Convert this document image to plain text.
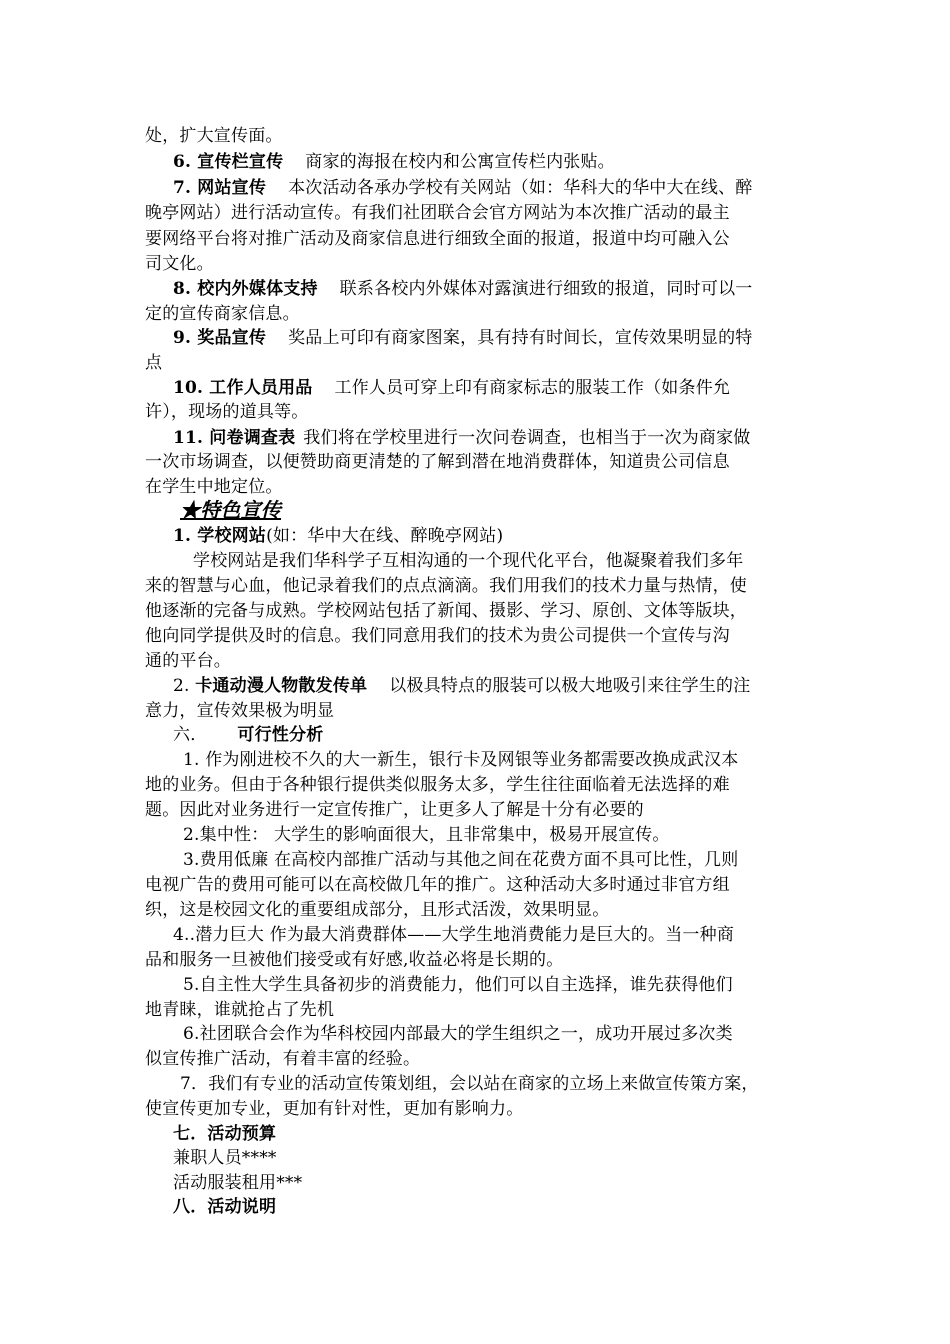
处，扩大宣传面。
6. 宣传栏宣传 商家的海报在校内和公寓宣传栏内张贴。
7. 网站宣传 本次活动各承办学校有关网站（如：华科大的华中大在线、醉
晚亭网站）进行活动宣传。有我们社团联合会官方网站为本次推广活动的最主
要网络平台将对推广活动及商家信息进行细致全面的报道，报道中均可融入公
司文化。
8. 校内外媒体支持 联系各校内外媒体对露演进行细致的报道，同时可以一
定的宣传商家信息。
9. 奖品宣传 奖品上可印有商家图案，具有持有时间长，宣传效果明显的特
点
10. 工作人员用品 工作人员可穿上印有商家标志的服装工作（如条件允
许），现场的道具等。
11. 问卷调查表 我们将在学校里进行一次问卷调查，也相当于一次为商家做
一次市场调查，以便赞助商更清楚的了解到潜在地消费群体，知道贵公司信息
在学生中地定位。
★特色宣传
1. 学校网站(如：华中大在线、醉晚亭网站)
学校网站是我们华科学子互相沟通的一个现代化平台，他凝聚着我们多年
来的智慧与心血，他记录着我们的点点滴滴。我们用我们的技术力量与热情，使
他逐渐的完备与成熟。学校网站包括了新闻、摄影、学习、原创、文体等版块，
他向同学提供及时的信息。我们同意用我们的技术为贵公司提供一个宣传与沟
通的平台。
2. 卡通动漫人物散发传单 以极具特点的服装可以极大地吸引来往学生的注
意力，宣传效果极为明显
六． 可行性分析
1. 作为刚进校不久的大一新生，银行卡及网银等业务都需要改换成武汉本
地的业务。但由于各种银行提供类似服务太多，学生往往面临着无法选择的难
题。因此对业务进行一定宣传推广，让更多人了解是十分有必要的
2.集中性： 大学生的影响面很大，且非常集中，极易开展宣传。
3.费用低廉 在高校内部推广活动与其他之间在花费方面不具可比性，几则
电视广告的费用可能可以在高校做几年的推广。这种活动大多时通过非官方组
织，这是校园文化的重要组成部分，且形式活泼，效果明显。
4..潜力巨大 作为最大消费群体——大学生地消费能力是巨大的。当一种商
品和服务一旦被他们接受或有好感,收益必将是长期的。
5.自主性大学生具备初步的消费能力，他们可以自主选择，谁先获得他们
地青睐，谁就抢占了先机
6.社团联合会作为华科校园内部最大的学生组织之一，成功开展过多次类
似宣传推广活动，有着丰富的经验。
7．我们有专业的活动宣传策划组，会以站在商家的立场上来做宣传策方案，
使宣传更加专业，更加有针对性，更加有影响力。
七．活动预算
兼职人员****
活动服装租用***
八．活动说明
